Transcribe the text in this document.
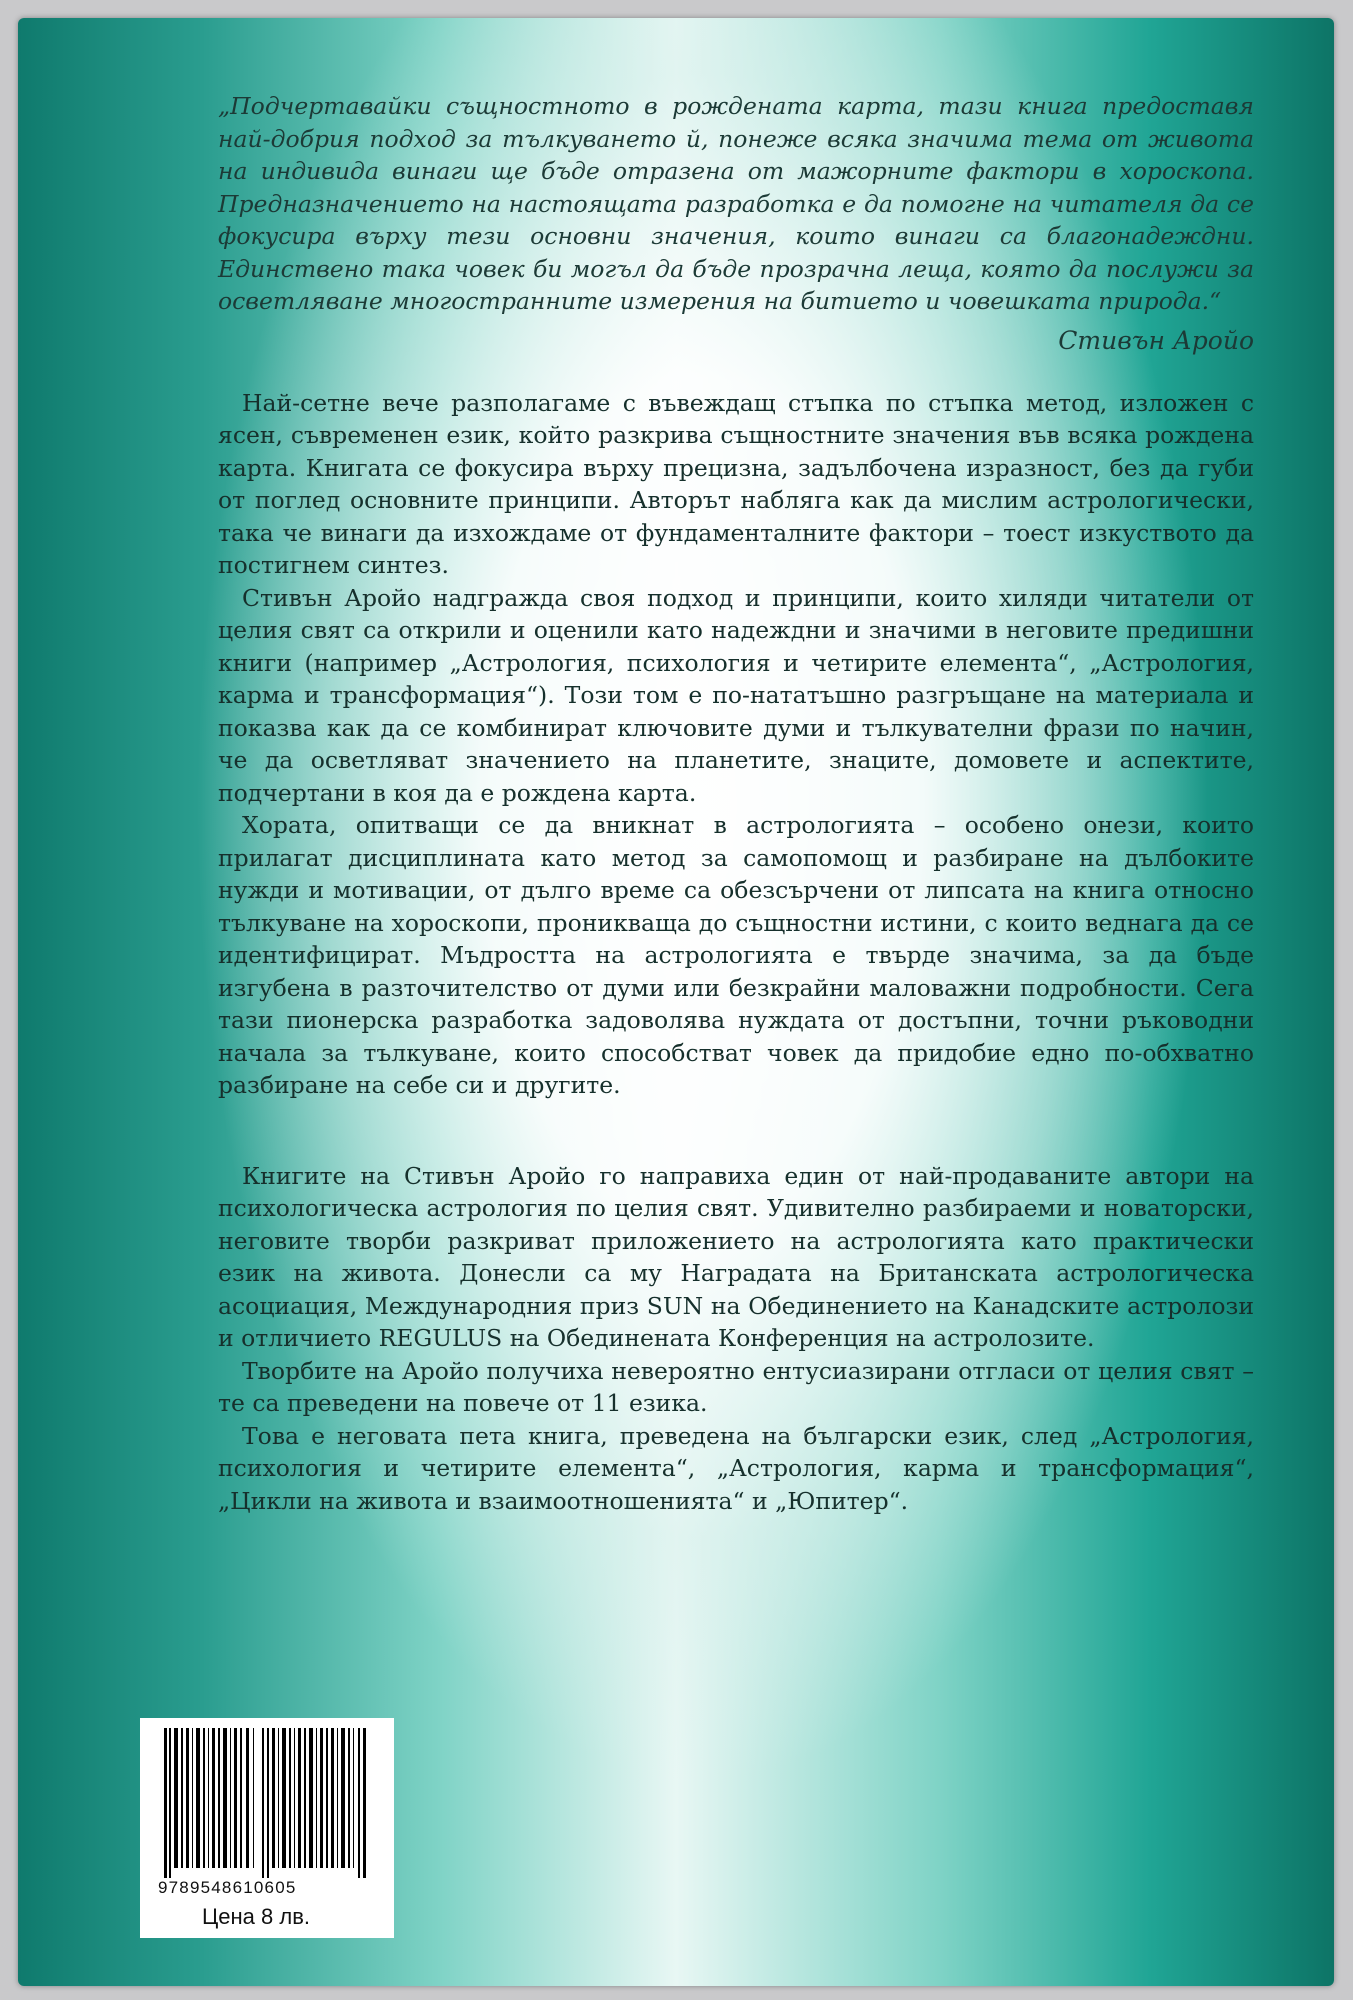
„Подчертавайки същностното в рождената карта, тази книга предоставя най-добрия подход за тълкуването й, понеже всяка значима тема от живота на индивида винаги ще бъде отразена от мажорните фактори в хороскопа. Предназначението на настоящата разработка е да помогне на читателя да се фокусира върху тези основни значения, които винаги са благонадеждни. Единствено така човек би могъл да бъде прозрачна леща, която да послужи за осветляване многостранните измерения на битието и човешката природа.“

Стивън Аройо

Най-сетне вече разполагаме с въвеждащ стъпка по стъпка метод, изложен с ясен, съвременен език, който разкрива същностните значения във всяка рождена карта. Книгата се фокусира върху прецизна, задълбочена изразност, без да губи от поглед основните принципи. Авторът наблягa как да мислим астрологически, така че винаги да изхождаме от фундаменталните фактори – тоест изкуството да постигнем синтез.

Стивън Аройо надгражда своя подход и принципи, които хиляди читатели от целия свят са открили и оценили като надеждни и значими в неговите предишни книги (например „Астрология, психология и четирите елемента“, „Астрология, карма и трансформация“). Този том е по-нататъшно разгръщане на материала и показва как да се комбинират ключовите думи и тълкувателни фрази по начин, че да осветляват значението на планетите, знаците, домовете и аспектите, подчертани в коя да е рождена карта.

Хората, опитващи се да вникнат в астрологията – особено онези, които прилагат дисциплината като метод за самопомощ и разбиране на дълбоките нужди и мотивации, от дълго време са обезсърчени от липсата на книга относно тълкуване на хороскопи, проникваща до същностни истини, с които веднага да се идентифицират. Мъдростта на астрологията е твърде значима, за да бъде изгубена в разточителство от думи или безкрайни маловажни подробности. Сега тази пионерска разработка задоволява нуждата от достъпни, точни ръководни начала за тълкуване, които способстват човек да придобие едно по-обхватно разбиране на себе си и другите.

Книгите на Стивън Аройо го направиха един от най-продаваните автори на психологическа астрология по целия свят. Удивително разбираеми и новаторски, неговите творби разкриват приложението на астрологията като практически език на живота. Донесли са му Наградата на Британската астрологическа асоциация, Международния приз SUN на Обединението на Канадските астролози и отличието REGULUS на Обединената Конференция на астролозите.

Творбите на Аройо получиха невероятно ентусиазирани отгласи от целия свят – те са преведени на повече от 11 езика.

Това е неговата пета книга, преведена на български език, след „Астрология, психология и четирите елемента“, „Астрология, карма и трансформация“, „Цикли на живота и взаимоотношенията“ и „Юпитер“.

9789548610605
Цена 8 лв.
